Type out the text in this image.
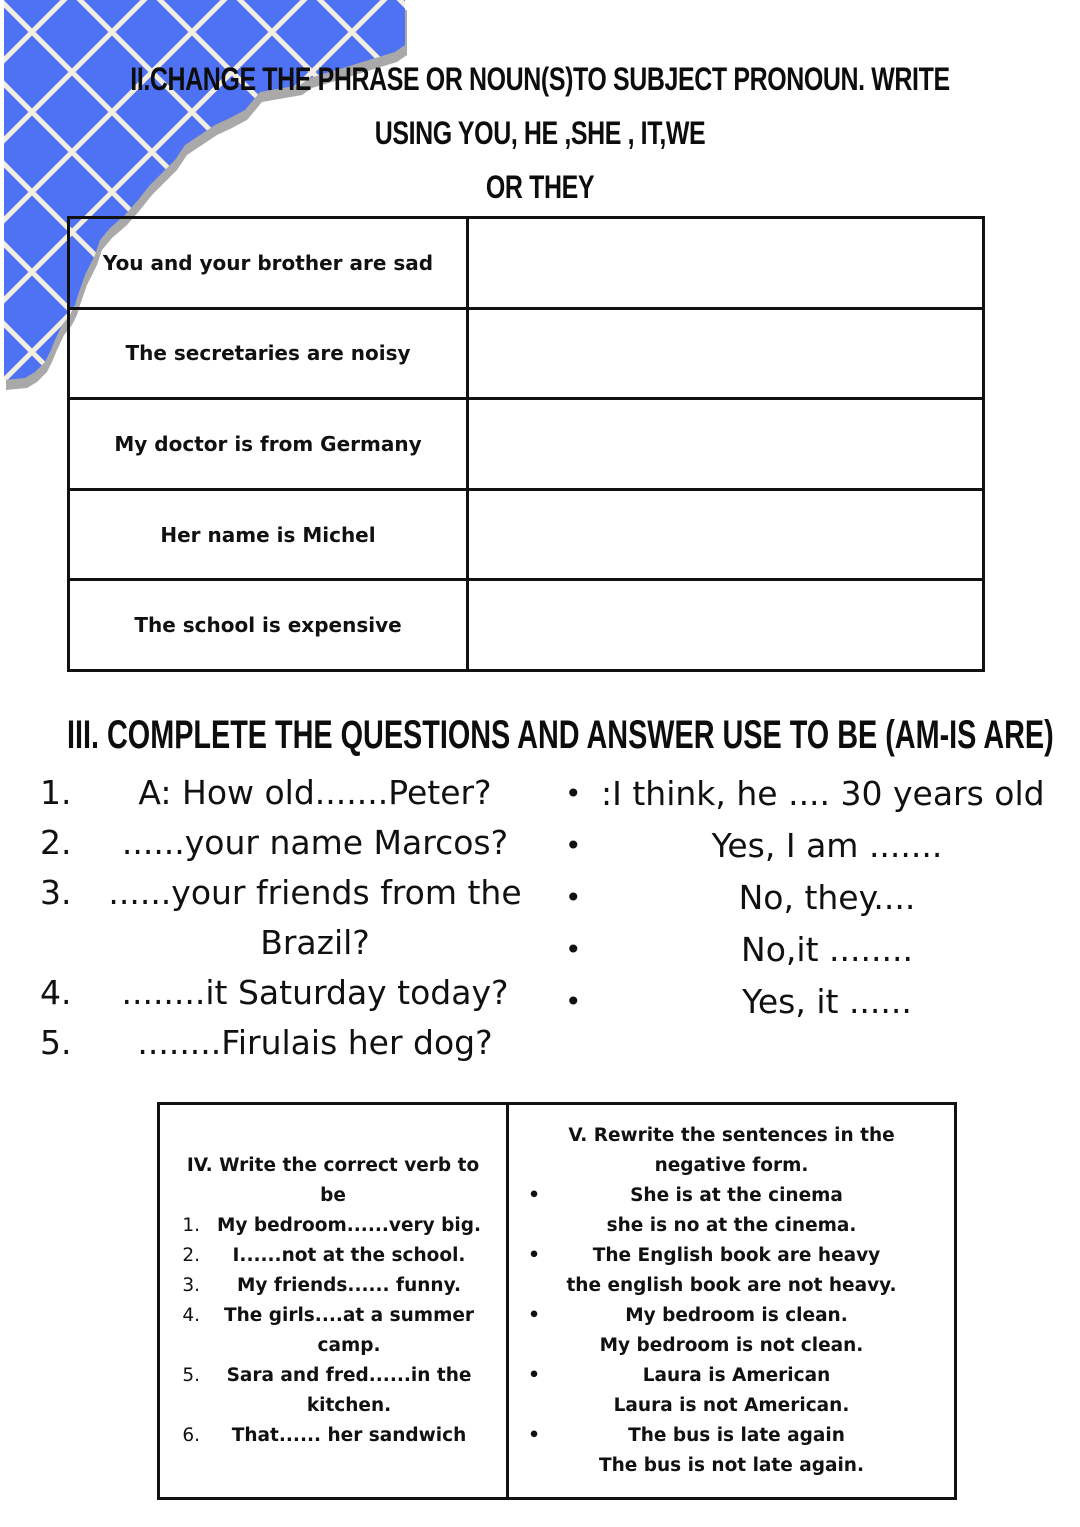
II.CHANGE THE PHRASE OR NOUN(S)TO SUBJECT PRONOUN. WRITE USING YOU, HE ,SHE , IT,WE
OR THEY
You and your brother are sad	
The secretaries are noisy	
My doctor is from Germany	
Her name is Michel	
The school is expensive	
III. COMPLETE THE QUESTIONS AND ANSWER USE TO BE (AM-IS ARE)
1.	A: How old.......Peter?
2.	......your name Marcos?
3.	......your friends from the
Brazil?
4.	........it Saturday today?
5.	........Firulais her dog?
• :I think, he .... 30 years old
•	Yes, I am .......
•	No, they....
•	No,it ........
•	Yes, it ......
IV. Write the correct verb to
be
1. My bedroom......very big.
2.	I......not at the school.
3.	My friends...... funny.
4.	The girls....at a summer
camp.
5.	Sara and fred......in the
kitchen.
6.	That...... her sandwich
V. Rewrite the sentences in the
negative form.
•	She is at the cinema
she is no at the cinema.
•	The English book are heavy
the english book are not heavy.
•	My bedroom is clean.
My bedroom is not clean.
•	Laura is American
Laura is not American.
•	The bus is late again
The bus is not late again.
